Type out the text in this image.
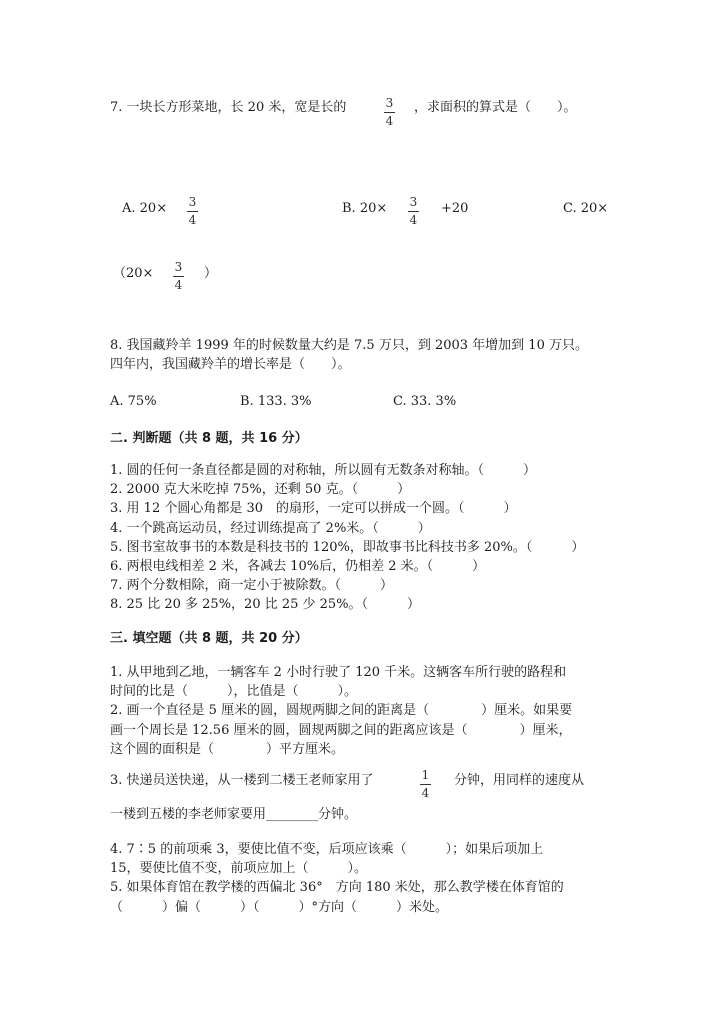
7. 一块长方形菜地，长 20 米，宽是长的	3
4
，求面积的算式是（　　）。
A. 20× 3
4
B. 20× 3
4
+20	C. 20×
（20× 3
4
）
8. 我国藏羚羊 1999 年的时候数量大约是 7.5 万只，到 2003 年增加到 10 万只。
四年内，我国藏羚羊的增长率是（　　）。
A. 75%	B. 133. 3%	C. 33. 3%
二. 判断题（共 8 题，共 16 分）
1. 圆的任何一条直径都是圆的对称轴，所以圆有无数条对称轴。（　　　）
2. 2000 克大米吃掉 75%，还剩 50 克。（　　　）
3. 用 12 个圆心角都是 30　的扇形，一定可以拼成一个圆。（　　　）
4. 一个跳高运动员，经过训练提高了 2%米。（　　　）
5. 图书室故事书的本数是科技书的 120%，即故事书比科技书多 20%。（　　　）
6. 两根电线相差 2 米，各减去 10%后，仍相差 2 米。（　　　）
7. 两个分数相除，商一定小于被除数。（　　　）
8. 25 比 20 多 25%，20 比 25 少 25%。（　　　）
三. 填空题（共 8 题，共 20 分）
1. 从甲地到乙地，一辆客车 2 小时行驶了 120 千米。这辆客车所行驶的路程和
时间的比是（　　　），比值是（　　　）。
2. 画一个直径是 5 厘米的圆，圆规两脚之间的距离是（　　　　）厘米。如果要
画一个周长是 12.56 厘米的圆，圆规两脚之间的距离应该是（　　　　）厘米，
这个圆的面积是（　　　　）平方厘米。
3. 快递员送快递，从一楼到二楼王老师家用了	1
4
分钟，用同样的速度从
一楼到五楼的李老师家要用________分钟。
4. 7∶5 的前项乘 3，要使比值不变，后项应该乘（　　　）；如果后项加上
15，要使比值不变，前项应加上（　　　）。
5. 如果体育馆在教学楼的西偏北 36°　方向 180 米处，那么教学楼在体育馆的
（　　　）偏（　　　）（　　　）°方向（　　　）米处。
